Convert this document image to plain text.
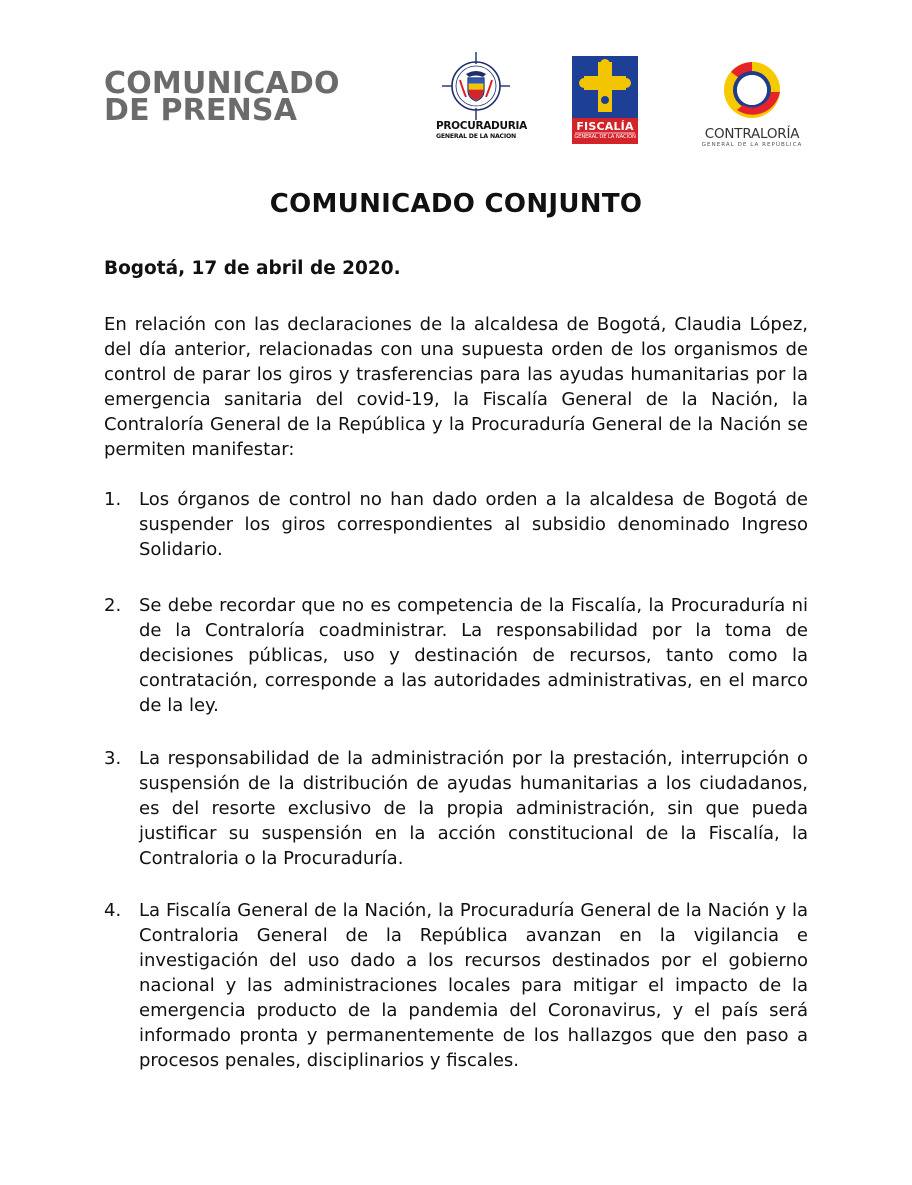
COMUNICADO
DE PRENSA	PROCURADURIA
GENERAL DE LA NACION
FISCALÍA
GENERAL DE LA NACIÓN	CONTRALORÍA
GENERAL DE LA REPÚBLICA
COMUNICADO CONJUNTO
Bogotá, 17 de abril de 2020.
En relación con las declaraciones de la alcaldesa de Bogotá, Claudia López, del día anterior, relacionadas con una supuesta orden de los organismos de control de parar los giros y trasferencias para las ayudas humanitarias por la emergencia sanitaria del covid-19, la Fiscalía General de la Nación, la Contraloría General de la República y la Procuraduría General de la Nación se permiten manifestar:
1. Los órganos de control no han dado orden a la alcaldesa de Bogotá de suspender los giros correspondientes al subsidio denominado Ingreso Solidario.
2. Se debe recordar que no es competencia de la Fiscalía, la Procuraduría ni de la Contraloría coadministrar. La responsabilidad por la toma de decisiones públicas, uso y destinación de recursos, tanto como la contratación, corresponde a las autoridades administrativas, en el marco de la ley.
3. La responsabilidad de la administración por la prestación, interrupción o suspensión de la distribución de ayudas humanitarias a los ciudadanos, es del resorte exclusivo de la propia administración, sin que pueda justificar su suspensión en la acción constitucional de la Fiscalía, la Contraloria o la Procuraduría.
4. La Fiscalía General de la Nación, la Procuraduría General de la Nación y la Contraloria General de la República avanzan en la vigilancia e investigación del uso dado a los recursos destinados por el gobierno nacional y las administraciones locales para mitigar el impacto de la emergencia producto de la pandemia del Coronavirus, y el país será informado pronta y permanentemente de los hallazgos que den paso a procesos penales, disciplinarios y fiscales.
